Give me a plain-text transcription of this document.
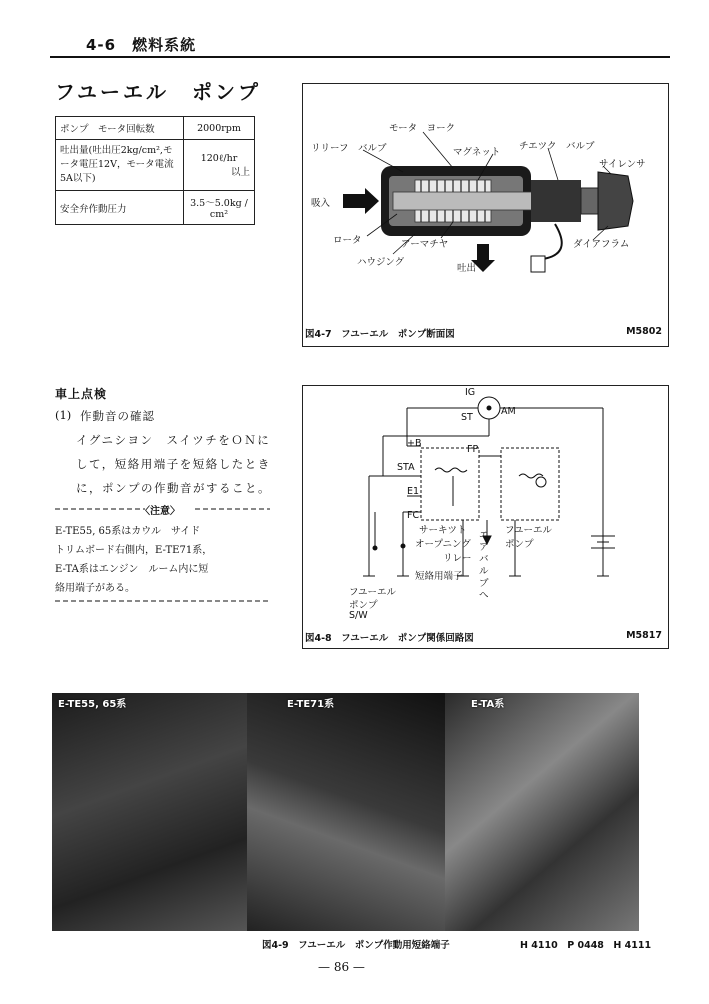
4-6　燃料系統
フユーエル　ポンプ
ポンプ　モータ回転数	2000rpm
吐出量(吐出圧2kg/cm²,モータ電圧12V，モータ電流5A以下)	120ℓ/hr
以上

安全弁作動圧力	3.5～5.0kg / cm²
モータ　ヨーク
リリーフ　バルブ	マグネット
チエツク　バルブ
サイレンサ
吸入
ロータ	アーマチヤ	ダイアフラム
ハウジング
吐出
図4-7　フユーエル　ポンプ断面図	M5802
車上点検
(1) 作動音の確認
イグニシヨン　スイツチをＯＮに
して，短絡用端子を短絡したとき
に，ポンプの作動音がすること。
〈注意〉
E-TE55, 65系はカウル　サイド
トリムボード右側内，E-TE71系，
E-TA系はエンジン　ルーム内に短
絡用端子がある。
IG
ST
AM
+B
FP
STA
E1
FC
サーキツト
オープニング
リレー
エアバルブへ
フユーエル
ポンプ
短絡用端子
フユーエル
ポンプ
S/W
図4-8　フユーエル　ポンプ関係回路図	M5817
E-TE55, 65系	E-TE71系	E-TA系
図4-9　フユーエル　ポンプ作動用短絡端子	H 4110　P 0448　H 4111
— 86 —
